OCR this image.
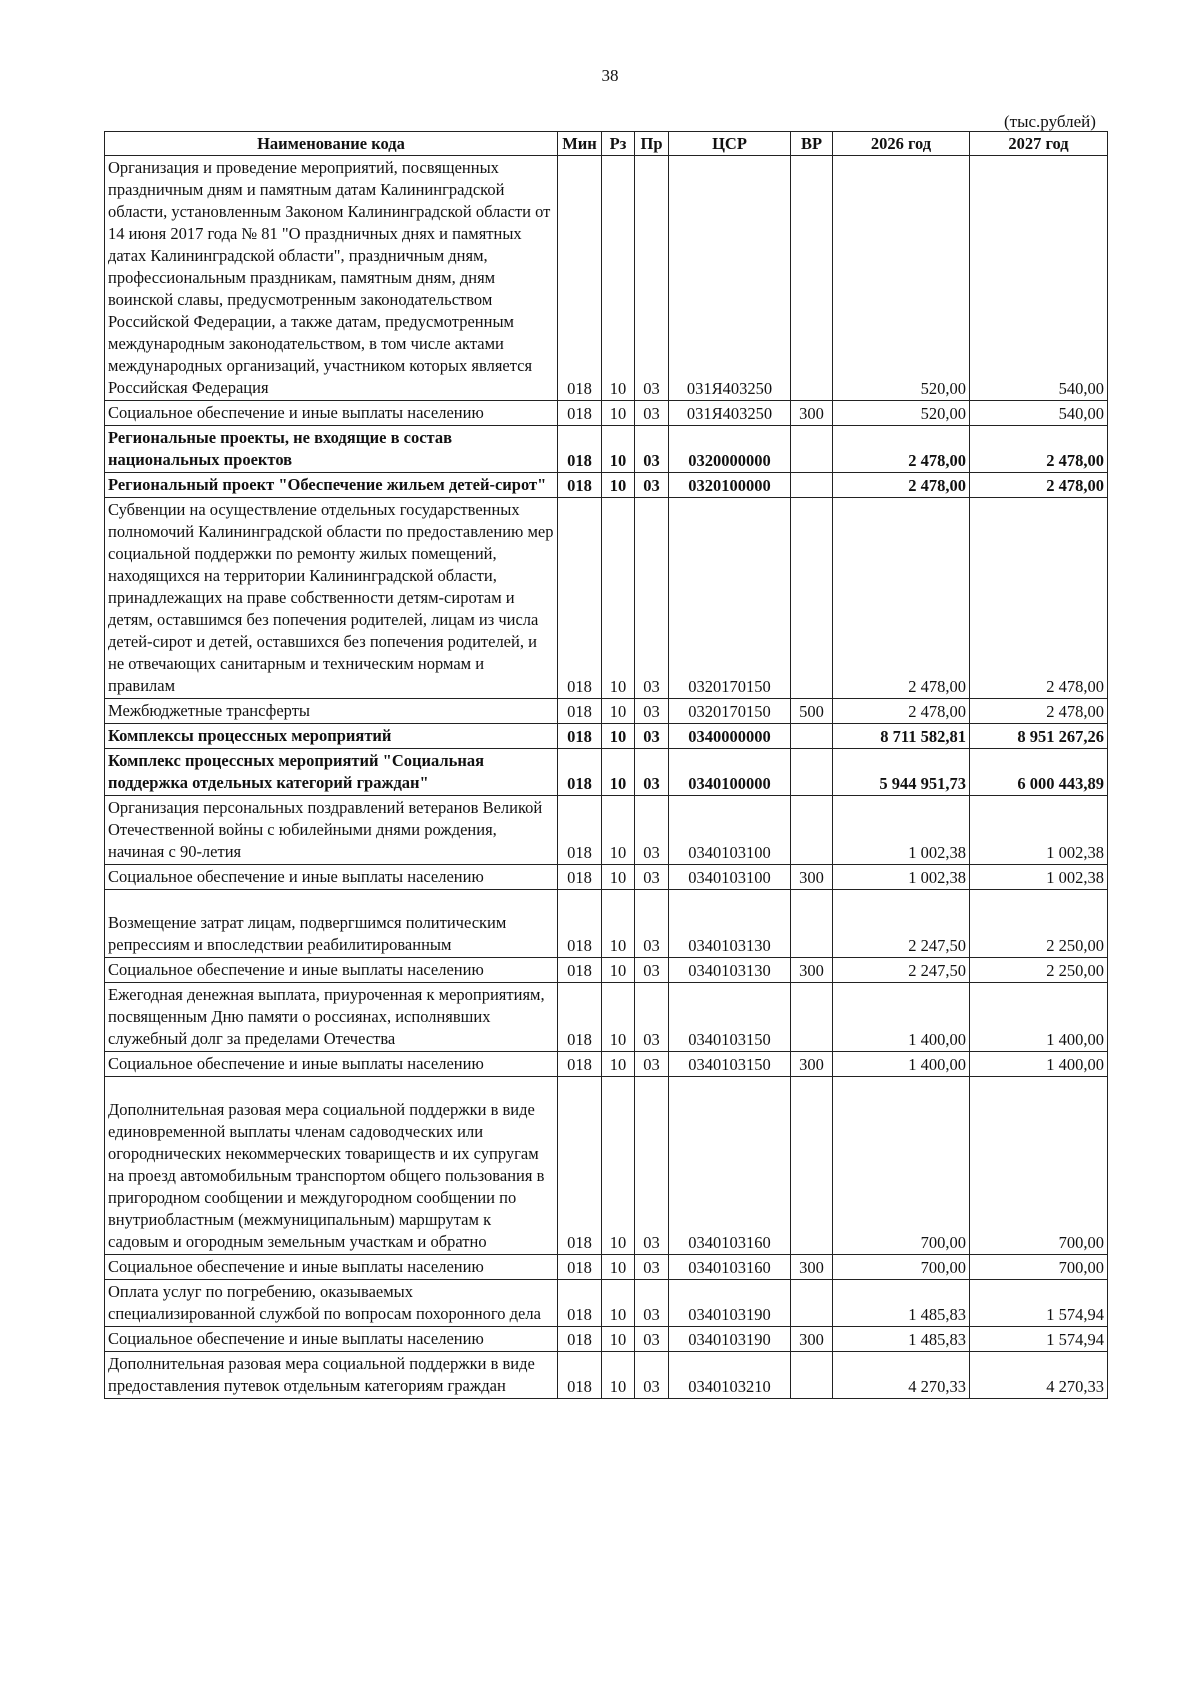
38
(тыс.рублей)
Наименование кода	Мин	Рз	Пр	ЦСР	ВР	2026 год	2027 год
Организация и проведение мероприятий, посвященных праздничным дням и памятным датам Калининградской области, установленным Законом Калининградской области от 14 июня 2017 года № 81 "О праздничных днях и памятных датах Калининградской области", праздничным дням, профессиональным праздникам, памятным дням, дням воинской славы, предусмотренным законодательством Российской Федерации, а также датам, предусмотренным международным законодательством, в том числе актами международных организаций, участником которых является Российская Федерация	018	10	03	031Я403250		520,00	540,00
Социальное обеспечение и иные выплаты населению	018	10	03	031Я403250	300	520,00	540,00
Региональные проекты, не входящие в состав национальных проектов	018	10	03	0320000000		2 478,00	2 478,00
Региональный проект "Обеспечение жильем детей-сирот"	018	10	03	0320100000		2 478,00	2 478,00
Субвенции на осуществление отдельных государственных полномочий Калининградской области по предоставлению мер социальной поддержки по ремонту жилых помещений, находящихся на территории Калининградской области, принадлежащих на праве собственности детям-сиротам и детям, оставшимся без попечения родителей, лицам из числа детей-сирот и детей, оставшихся без попечения родителей, и не отвечающих санитарным и техническим нормам и правилам	018	10	03	0320170150		2 478,00	2 478,00
Межбюджетные трансферты	018	10	03	0320170150	500	2 478,00	2 478,00
Комплексы процессных мероприятий	018	10	03	0340000000		8 711 582,81	8 951 267,26
Комплекс процессных мероприятий "Социальная поддержка отдельных категорий граждан"	018	10	03	0340100000		5 944 951,73	6 000 443,89
Организация персональных поздравлений ветеранов Великой Отечественной войны с юбилейными днями рождения, начиная с 90-летия	018	10	03	0340103100		1 002,38	1 002,38
Социальное обеспечение и иные выплаты населению	018	10	03	0340103100	300	1 002,38	1 002,38
Возмещение затрат лицам, подвергшимся политическим репрессиям и впоследствии реабилитированным	018	10	03	0340103130		2 247,50	2 250,00
Социальное обеспечение и иные выплаты населению	018	10	03	0340103130	300	2 247,50	2 250,00
Ежегодная денежная выплата, приуроченная к мероприятиям, посвященным Дню памяти о россиянах, исполнявших служебный долг за пределами Отечества	018	10	03	0340103150		1 400,00	1 400,00
Социальное обеспечение и иные выплаты населению	018	10	03	0340103150	300	1 400,00	1 400,00
Дополнительная разовая мера социальной поддержки в виде единовременной выплаты членам садоводческих или огороднических некоммерческих товариществ и их супругам на проезд автомобильным транспортом общего пользования в пригородном сообщении и междугородном сообщении по внутриобластным (межмуниципальным) маршрутам к садовым и огородным земельным участкам и обратно	018	10	03	0340103160		700,00	700,00
Социальное обеспечение и иные выплаты населению	018	10	03	0340103160	300	700,00	700,00
Оплата услуг по погребению, оказываемых специализированной службой по вопросам похоронного дела	018	10	03	0340103190		1 485,83	1 574,94
Социальное обеспечение и иные выплаты населению	018	10	03	0340103190	300	1 485,83	1 574,94
Дополнительная разовая мера социальной поддержки в виде предоставления путевок отдельным категориям граждан	018	10	03	0340103210		4 270,33	4 270,33
